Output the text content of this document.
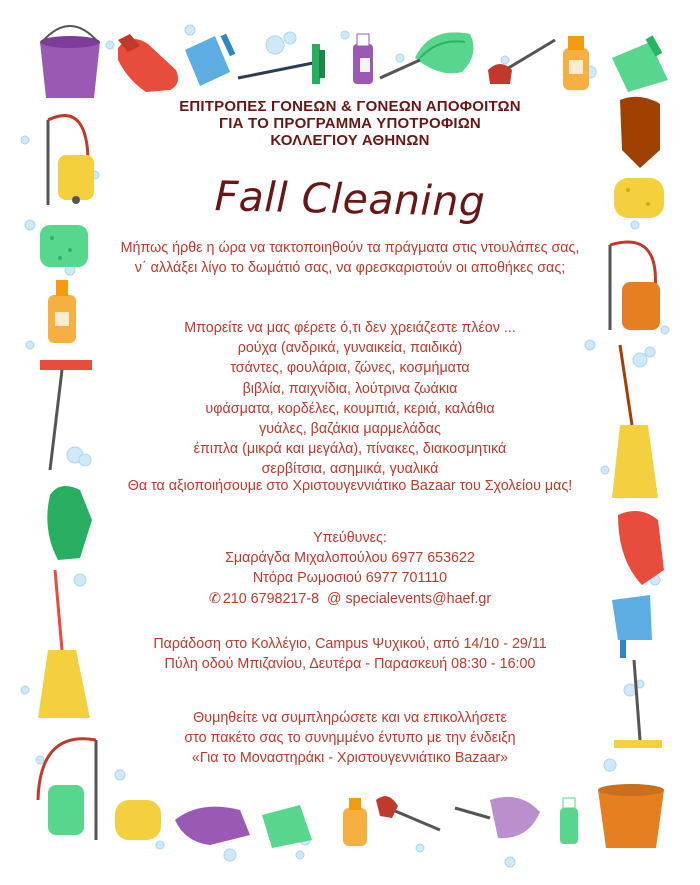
ΕΠΙΤΡΟΠΕΣ ΓΟΝΕΩΝ & ΓΟΝΕΩΝ ΑΠΟΦΟΙΤΩΝ
ΓΙΑ ΤΟ ΠΡΟΓΡΑΜΜΑ ΥΠΟΤΡΟΦΙΩΝ
ΚΟΛΛΕΓΙΟΥ ΑΘΗΝΩΝ
Fall Cleaning
Μήπως ήρθε η ώρα να τακτοποιηθούν τα πράγματα στις ντουλάπες σας,
ν΄ αλλάξει λίγο το δωμάτιό σας, να φρεσκαριστούν οι αποθήκες σας;
Μπορείτε να μας φέρετε ό,τι δεν χρειάζεστε πλέον ...
ρούχα (ανδρικά, γυναικεία, παιδικά)
τσάντες, φουλάρια, ζώνες, κοσμήματα
βιβλία, παιχνίδια, λούτρινα ζωάκια
υφάσματα, κορδέλες, κουμπιά, κεριά, καλάθια
γυάλες, βαζάκια μαρμελάδας
έπιπλα (μικρά και μεγάλα), πίνακες, διακοσμητικά
σερβίτσια, ασημικά, γυαλικά
Θα τα αξιοποιήσουμε στο Χριστουγεννιάτικο Bazaar του Σχολείου μας!
Υπεύθυνες:
Σμαράγδα Μιχαλοπούλου 6977 653622
Ντόρα Ρωμοσιού 6977 701110
✆ 210 6798217-8 @ specialevents@haef.gr
Παράδοση στο Κολλέγιο, Campus Ψυχικού, από 14/10 - 29/11
Πύλη οδού Μπιζανίου, Δευτέρα - Παρασκευή 08:30 - 16:00
Θυμηθείτε να συμπληρώσετε και να επικολλήσετε
στο πακέτο σας το συνημμένο έντυπο με την ένδειξη
«Για το Μοναστηράκι - Χριστουγεννιάτικο Bazaar»
